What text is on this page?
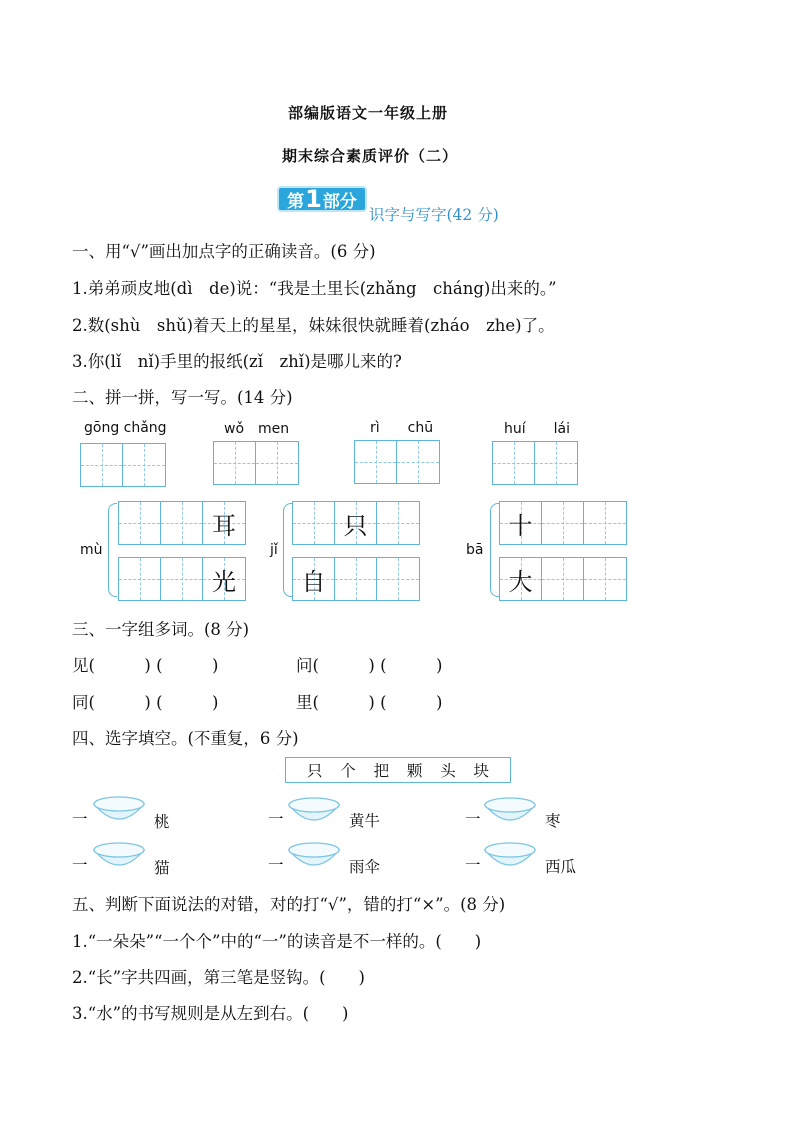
部编版语文一年级上册
期末综合素质评价（二）
第 1 部分
识字与写字(42 分)
一、用“√”画出加点字的正确读音。(6 分)
1.弟弟顽皮地(dì　de)说：“我是土里长(zhǎng　cháng)出来的。”
2.数(shù　shǔ)着天上的星星，妹妹很快就睡着(zháo　zhe)了。
3.你(lǐ　nǐ)手里的报纸(zǐ　zhǐ)是哪儿来的?
二、拼一拼，写一写。(14 分)
gōng chǎng	wǒ　men	rì　　chū	huí　　lái
mù
耳
光
jǐ
只
自
bā
十
大
三、一字组多词。(8 分)
见(　　　) (　　　)	问(　　　) (　　　)
同(　　　) (　　　)	里(　　　) (　　　)
四、选字填空。(不重复，6 分)
只 个 把 颗 头 块
一	桃	一	黄牛	一	枣
一	猫	一	雨伞	一	西瓜
五、判断下面说法的对错，对的打“√”，错的打“×”。(8 分)
1.“一朵朵”“一个个”中的“一”的读音是不一样的。(　　)
2.“长”字共四画，第三笔是竖钩。(　　)
3.“水”的书写规则是从左到右。(　　)
